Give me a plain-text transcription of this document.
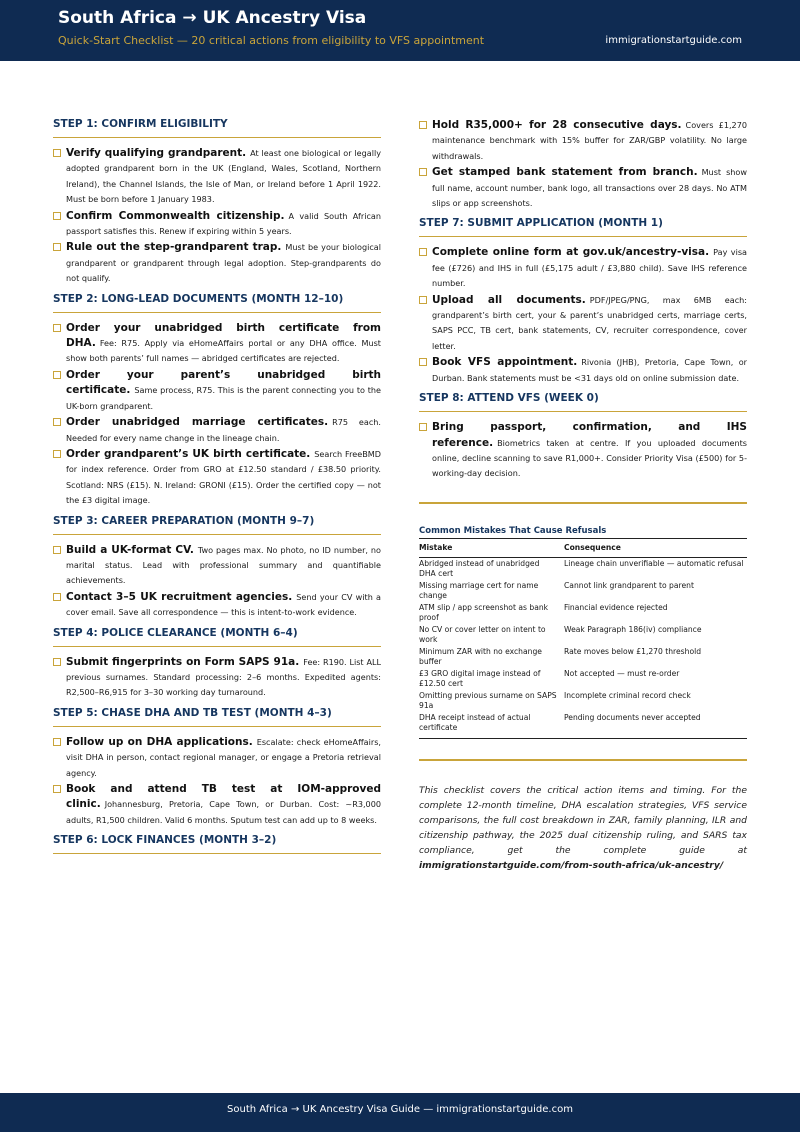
South Africa → UK Ancestry Visa
Quick-Start Checklist — 20 critical actions from eligibility to VFS appointment	immigrationstartguide.com
STEP 1: CONFIRM ELIGIBILITY
Verify qualifying grandparent. At least one biological or legally adopted grandparent born in the UK (England, Wales, Scotland, Northern Ireland), the Channel Islands, the Isle of Man, or Ireland before 1 April 1922. Must be born before 1 January 1983.
Confirm Commonwealth citizenship. A valid South African passport satisfies this. Renew if expiring within 5 years.
Rule out the step-grandparent trap. Must be your biological grandparent or grandparent through legal adoption. Step-grandparents do not qualify.
STEP 2: LONG-LEAD DOCUMENTS (MONTH 12–10)
Order your unabridged birth certificate from DHA. Fee: R75. Apply via eHomeAffairs portal or any DHA office. Must show both parents’ full names — abridged certificates are rejected.
Order your parent’s unabridged birth certificate. Same process, R75. This is the parent connecting you to the UK-born grandparent.
Order unabridged marriage certificates. R75 each. Needed for every name change in the lineage chain.
Order grandparent’s UK birth certificate. Search FreeBMD for index reference. Order from GRO at £12.50 standard / £38.50 priority. Scotland: NRS (£15). N. Ireland: GRONI (£15). Order the certified copy — not the £3 digital image.
STEP 3: CAREER PREPARATION (MONTH 9–7)
Build a UK-format CV. Two pages max. No photo, no ID number, no marital status. Lead with professional summary and quantifiable achievements.
Contact 3–5 UK recruitment agencies. Send your CV with a cover email. Save all correspondence — this is intent-to-work evidence.
STEP 4: POLICE CLEARANCE (MONTH 6–4)
Submit fingerprints on Form SAPS 91a. Fee: R190. List ALL previous surnames. Standard processing: 2–6 months. Expedited agents: R2,500–R6,915 for 3–30 working day turnaround.
STEP 5: CHASE DHA AND TB TEST (MONTH 4–3)
Follow up on DHA applications. Escalate: check eHomeAffairs, visit DHA in person, contact regional manager, or engage a Pretoria retrieval agency.
Book and attend TB test at IOM-approved clinic. Johannesburg, Pretoria, Cape Town, or Durban. Cost: ~R3,000 adults, R1,500 children. Valid 6 months. Sputum test can add up to 8 weeks.
STEP 6: LOCK FINANCES (MONTH 3–2)
Hold R35,000+ for 28 consecutive days. Covers £1,270 maintenance benchmark with 15% buffer for ZAR/GBP volatility. No large withdrawals.
Get stamped bank statement from branch. Must show full name, account number, bank logo, all transactions over 28 days. No ATM slips or app screenshots.
STEP 7: SUBMIT APPLICATION (MONTH 1)
Complete online form at gov.uk/ancestry-visa. Pay visa fee (£726) and IHS in full (£5,175 adult / £3,880 child). Save IHS reference number.
Upload all documents. PDF/JPEG/PNG, max 6MB each: grandparent’s birth cert, your & parent’s unabridged certs, marriage certs, SAPS PCC, TB cert, bank statements, CV, recruiter correspondence, cover letter.
Book VFS appointment. Rivonia (JHB), Pretoria, Cape Town, or Durban. Bank statements must be <31 days old on online submission date.
STEP 8: ATTEND VFS (WEEK 0)
Bring passport, confirmation, and IHS reference. Biometrics taken at centre. If you uploaded documents online, decline scanning to save R1,000+. Consider Priority Visa (£500) for 5-working-day decision.
Common Mistakes That Cause Refusals
Mistake	Consequence
Abridged instead of unabridged DHA cert	Lineage chain unverifiable — automatic refusal
Missing marriage cert for name change	Cannot link grandparent to parent
ATM slip / app screenshot as bank proof	Financial evidence rejected
No CV or cover letter on intent to work	Weak Paragraph 186(iv) compliance
Minimum ZAR with no exchange buffer	Rate moves below £1,270 threshold
£3 GRO digital image instead of £12.50 cert	Not accepted — must re-order
Omitting previous surname on SAPS 91a	Incomplete criminal record check
DHA receipt instead of actual certificate	Pending documents never accepted
This checklist covers the critical action items and timing. For the complete 12-month timeline, DHA escalation strategies, VFS service comparisons, the full cost breakdown in ZAR, family planning, ILR and citizenship pathway, the 2025 dual citizenship ruling, and SARS tax compliance, get the complete guide at immigrationstartguide.com/from-south-africa/uk-ancestry/
South Africa → UK Ancestry Visa Guide — immigrationstartguide.com
